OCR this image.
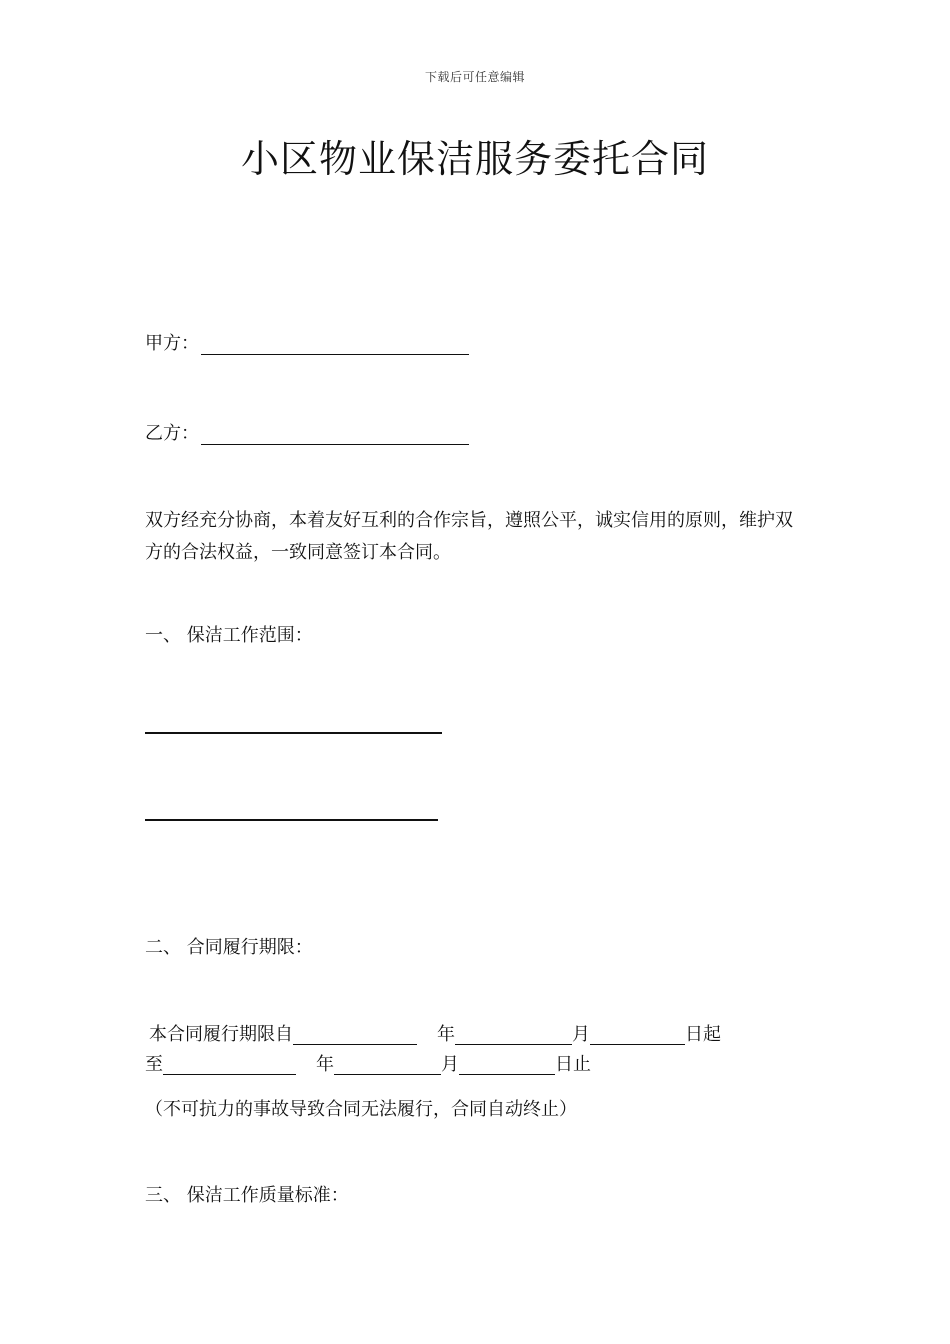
下载后可任意编辑
小区物业保洁服务委托合同
甲方：
乙方：
双方经充分协商，本着友好互利的合作宗旨，遵照公平，诚实信用的原则，维护双方的合法权益，一致同意签订本合同。
一、 保洁工作范围：
二、 合同履行期限：
本合同履行期限自	年	月	日起
至	年	月	日止
（不可抗力的事故导致合同无法履行，合同自动终止）
三、 保洁工作质量标准：
